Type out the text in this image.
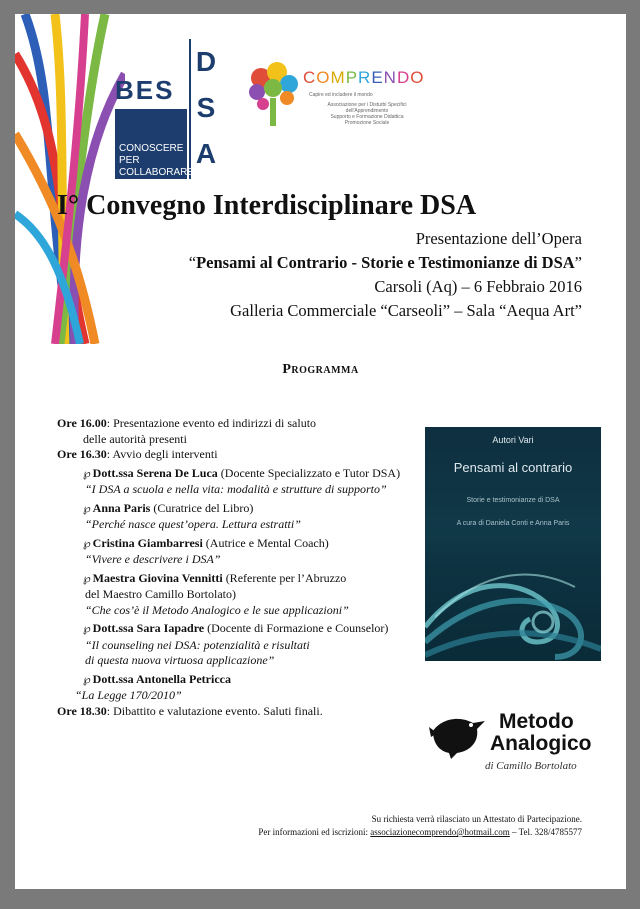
BES
D
S
A
CONOSCERE
PER
COLLABORARE
COMPRENDO
Capire ed includere il mondo
Associazione per i Disturbi Specifici dell'Apprendimento
Supporto e Formazione Didattica
Promozione Sociale
I° Convegno Interdisciplinare DSA
Presentazione dell’Opera
“Pensami al Contrario - Storie e Testimonianze di DSA”
Carsoli (Aq) – 6 Febbraio 2016
Galleria Commerciale “Carseoli” – Sala “Aequa Art”
Programma
Ore 16.00: Presentazione evento ed indirizzi di saluto
delle autorità presenti
Ore 16.30: Avvio degli interventi
℘ Dott.ssa Serena De Luca (Docente Specializzato e Tutor DSA)
“I DSA a scuola e nella vita: modalità e strutture di supporto”
℘ Anna Paris (Curatrice del Libro)
“Perché nasce quest’opera. Lettura estratti”
℘ Cristina Giambarresi (Autrice e Mental Coach)
“Vivere e descrivere i DSA”
℘ Maestra Giovina Vennitti (Referente per l’Abruzzo
del Maestro Camillo Bortolato)
“Che cos’è il Metodo Analogico e le sue applicazioni”
℘ Dott.ssa Sara Iapadre (Docente di Formazione e Counselor)
“Il counseling nei DSA: potenzialità e risultati
di questa nuova virtuosa applicazione”
℘ Dott.ssa Antonella Petricca
“La Legge 170/2010”
Ore 18.30: Dibattito e valutazione evento. Saluti finali.
Autori Vari
Pensami al contrario
Storie e testimonianze di DSA
A cura di Daniela Conti e Anna Paris
Metodo
Analogico
di Camillo Bortolato
Su richiesta verrà rilasciato un Attestato di Partecipazione.
Per informazioni ed iscrizioni: associazionecomprendo@hotmail.com – Tel. 328/4785577
